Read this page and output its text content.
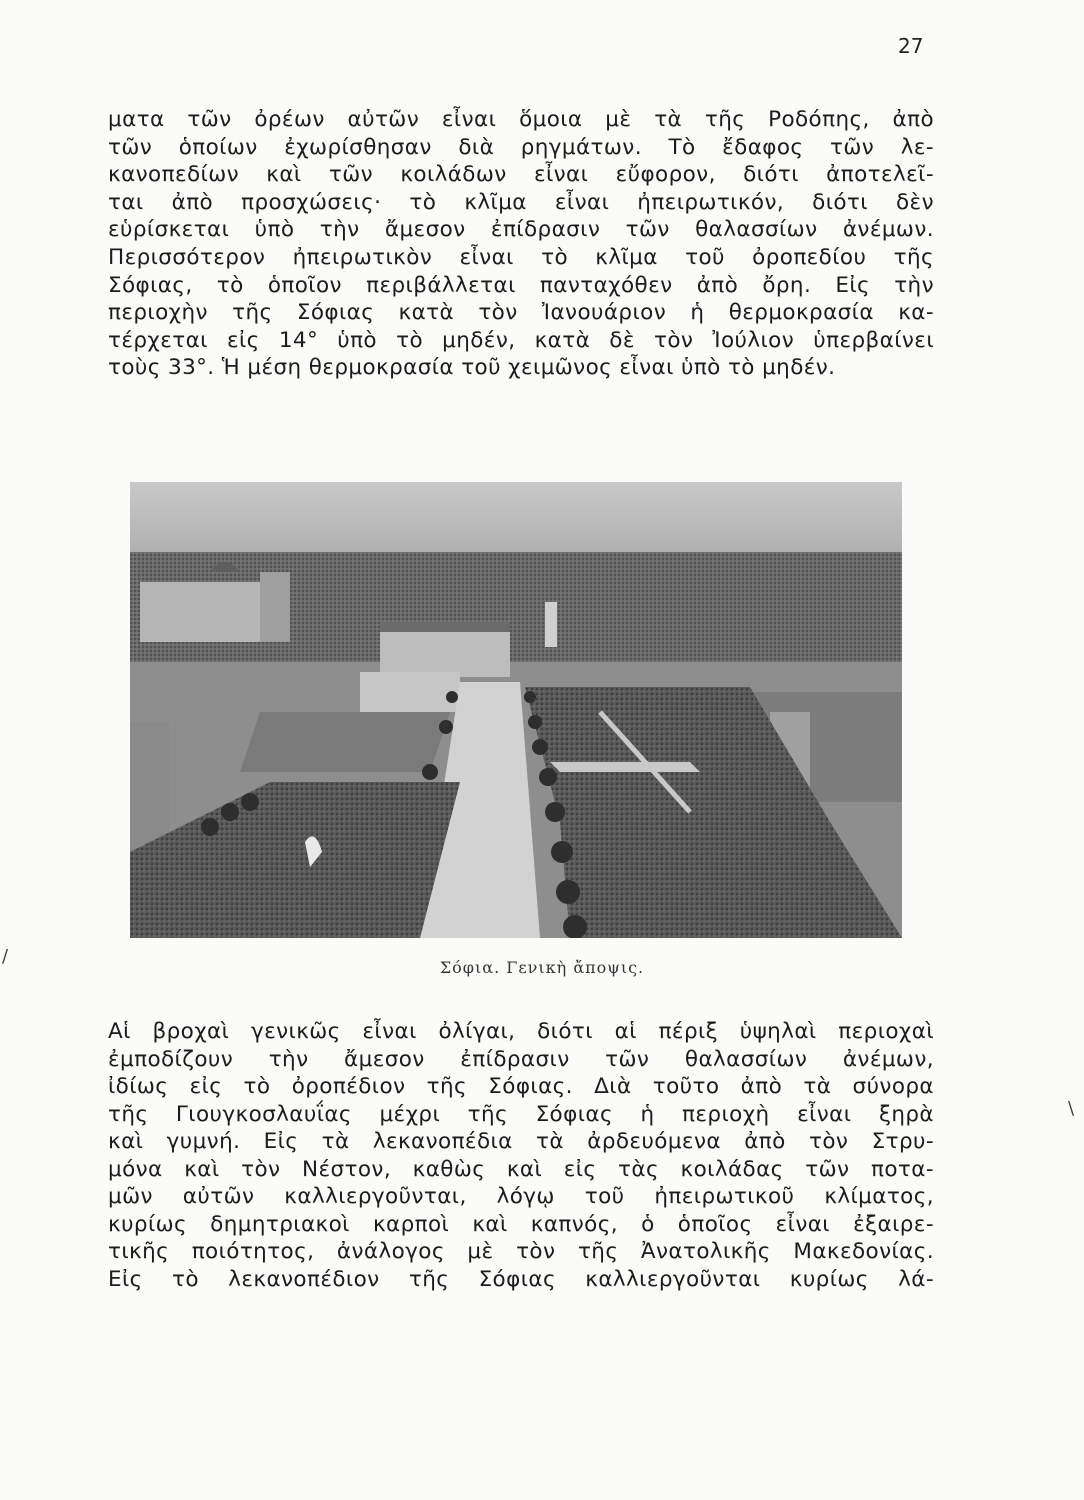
27
ματα τῶν ὀρέων αὐτῶν εἶναι ὅμοια μὲ τὰ τῆς Ροδόπης, ἀπὸ
τῶν ὁποίων ἐχωρίσθησαν διὰ ρηγμάτων. Τὸ ἔδαφος τῶν λε-
κανοπεδίων καὶ τῶν κοιλάδων εἶναι εὔφορον, διότι ἀποτελεῖ-
ται ἀπὸ προσχώσεις· τὸ κλῖμα εἶναι ἠπειρωτικόν, διότι δὲν
εὑρίσκεται ὑπὸ τὴν ἄμεσον ἐπίδρασιν τῶν θαλασσίων ἀνέμων.
Περισσότερον ἠπειρωτικὸν εἶναι τὸ κλῖμα τοῦ ὀροπεδίου τῆς
Σόφιας, τὸ ὁποῖον περιβάλλεται πανταχόθεν ἀπὸ ὄρη. Εἰς τὴν
περιοχὴν τῆς Σόφιας κατὰ τὸν Ἰανουάριον ἡ θερμοκρασία κα-
τέρχεται εἰς 14° ὑπὸ τὸ μηδέν, κατὰ δὲ τὸν Ἰούλιον ὑπερβαίνει
τοὺς 33°. Ἡ μέση θερμοκρασία τοῦ χειμῶνος εἶναι ὑπὸ τὸ μηδέν.
Σόφια. Γενικὴ ἄποψις.
Αἱ βροχαὶ γενικῶς εἶναι ὀλίγαι, διότι αἱ πέριξ ὑψηλαὶ περιοχαὶ
ἐμποδίζουν τὴν ἄμεσον ἐπίδρασιν τῶν θαλασσίων ἀνέμων,
ἰδίως εἰς τὸ ὀροπέδιον τῆς Σόφιας. Διὰ τοῦτο ἀπὸ τὰ σύνορα
τῆς Γιουγκοσλαυΐας μέχρι τῆς Σόφιας ἡ περιοχὴ εἶναι ξηρὰ
καὶ γυμνή. Εἰς τὰ λεκανοπέδια τὰ ἀρδευόμενα ἀπὸ τὸν Στρυ-
μόνα καὶ τὸν Νέστον, καθὼς καὶ εἰς τὰς κοιλάδας τῶν ποτα-
μῶν αὐτῶν καλλιεργοῦνται, λόγῳ τοῦ ἠπειρωτικοῦ κλίματος,
κυρίως δημητριακοὶ καρποὶ καὶ καπνός, ὁ ὁποῖος εἶναι ἐξαιρε-
τικῆς ποιότητος, ἀνάλογος μὲ τὸν τῆς Ἀνατολικῆς Μακεδονίας.
Εἰς τὸ λεκανοπέδιον τῆς Σόφιας καλλιεργοῦνται κυρίως λά-
/
\
